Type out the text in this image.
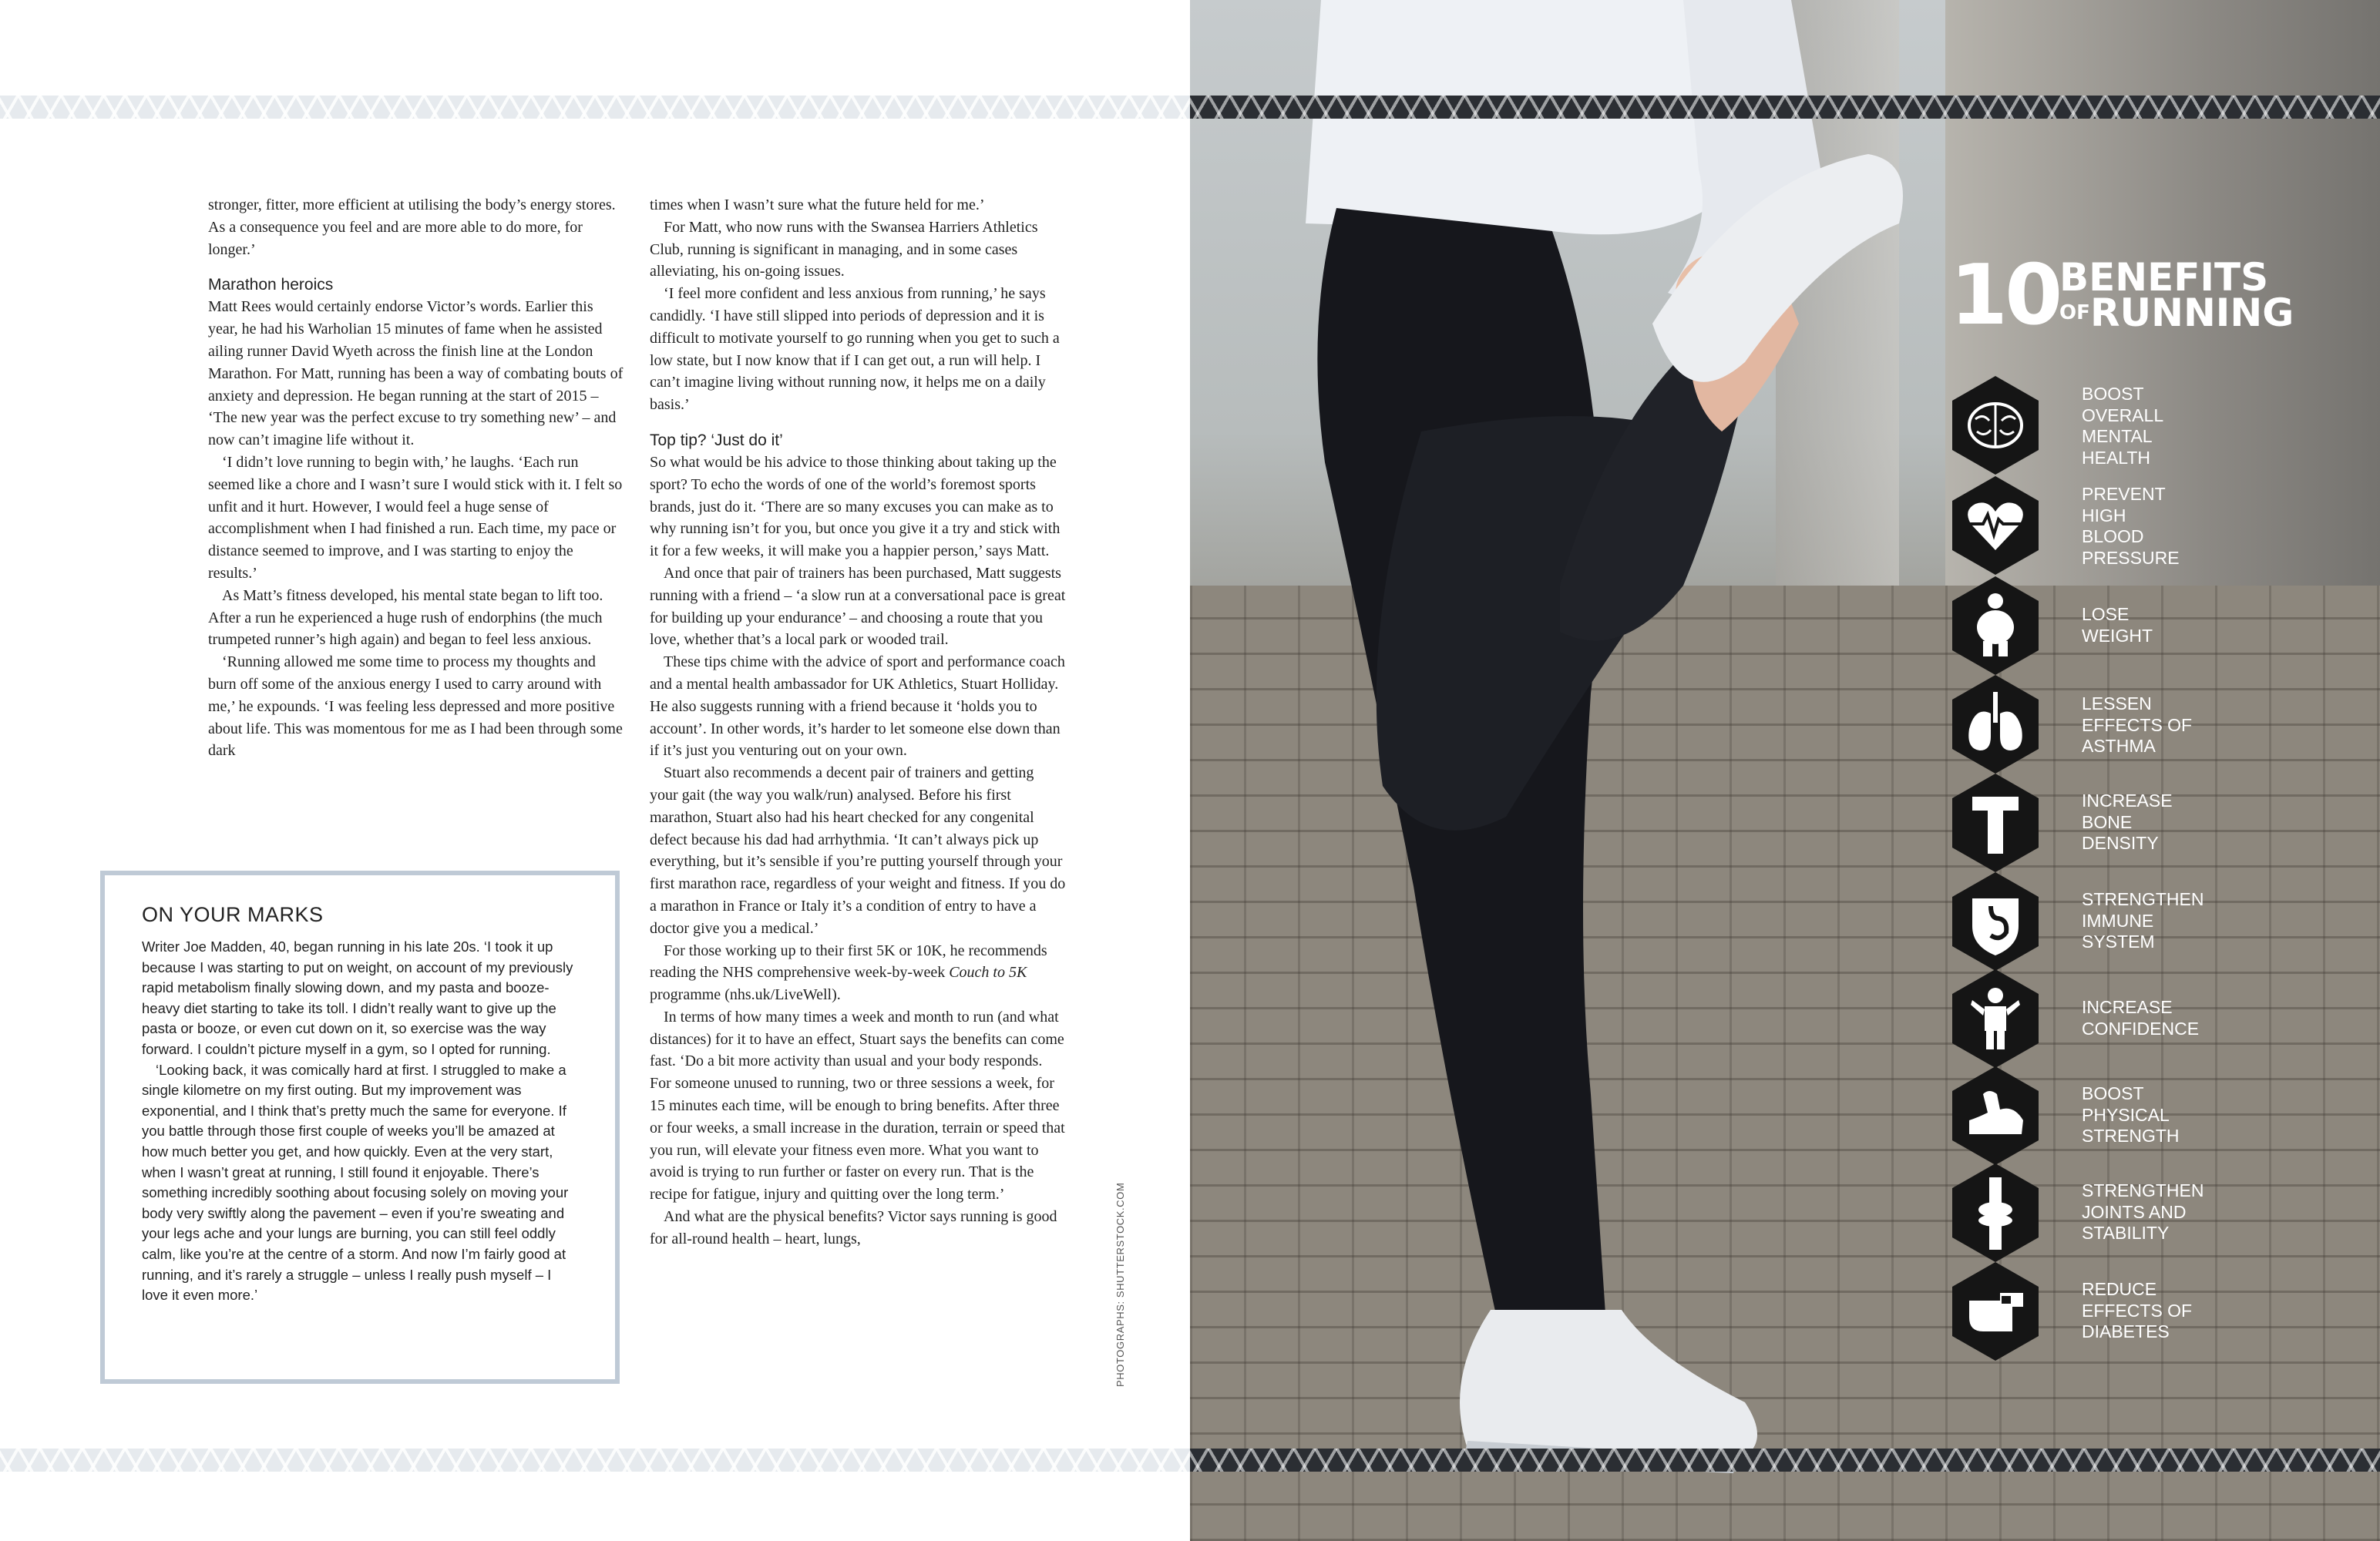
stronger, fitter, more efficient at utilising the body’s energy stores. As a consequence you feel and are more able to do more, for longer.’

Marathon heroics

Matt Rees would certainly endorse Victor’s words. Earlier this year, he had his Warholian 15 minutes of fame when he assisted ailing runner David Wyeth across the finish line at the London Marathon. For Matt, running has been a way of combating bouts of anxiety and depression. He began running at the start of 2015 – ‘The new year was the perfect excuse to try something new’ – and now can’t imagine life without it.

‘I didn’t love running to begin with,’ he laughs. ‘Each run seemed like a chore and I wasn’t sure I would stick with it. I felt so unfit and it hurt. However, I would feel a huge sense of accomplishment when I had finished a run. Each time, my pace or distance seemed to improve, and I was starting to enjoy the results.’

As Matt’s fitness developed, his mental state began to lift too. After a run he experienced a huge rush of endorphins (the much trumpeted runner’s high again) and began to feel less anxious.

‘Running allowed me some time to process my thoughts and burn off some of the anxious energy I used to carry around with me,’ he expounds. ‘I was feeling less depressed and more positive about life. This was momentous for me as I had been through some dark

times when I wasn’t sure what the future held for me.’

For Matt, who now runs with the Swansea Harriers Athletics Club, running is significant in managing, and in some cases alleviating, his on-going issues.

‘I feel more confident and less anxious from running,’ he says candidly. ‘I have still slipped into periods of depression and it is difficult to motivate yourself to go running when you get to such a low state, but I now know that if I can get out, a run will help. I can’t imagine living without running now, it helps me on a daily basis.’

Top tip? ‘Just do it’

So what would be his advice to those thinking about taking up the sport? To echo the words of one of the world’s foremost sports brands, just do it. ‘There are so many excuses you can make as to why running isn’t for you, but once you give it a try and stick with it for a few weeks, it will make you a happier person,’ says Matt.

And once that pair of trainers has been purchased, Matt suggests running with a friend – ‘a slow run at a conversational pace is great for building up your endurance’ – and choosing a route that you love, whether that’s a local park or wooded trail.

These tips chime with the advice of sport and performance coach and a mental health ambassador for UK Athletics, Stuart Holliday. He also suggests running with a friend because it ‘holds you to account’. In other words, it’s harder to let someone else down than if it’s just you venturing out on your own.

Stuart also recommends a decent pair of trainers and getting your gait (the way you walk/run) analysed. Before his first marathon, Stuart also had his heart checked for any congenital defect because his dad had arrhythmia. ‘It can’t always pick up everything, but it’s sensible if you’re putting yourself through your first marathon race, regardless of your weight and fitness. If you do a marathon in France or Italy it’s a condition of entry to have a doctor give you a medical.’

For those working up to their first 5K or 10K, he recommends reading the NHS comprehensive week-by-week Couch to 5K programme (nhs.uk/LiveWell).

In terms of how many times a week and month to run (and what distances) for it to have an effect, Stuart says the benefits can come fast. ‘Do a bit more activity than usual and your body responds. For someone unused to running, two or three sessions a week, for 15 minutes each time, will be enough to bring benefits. After three or four weeks, a small increase in the duration, terrain or speed that you run, will elevate your fitness even more. What you want to avoid is trying to run further or faster on every run. That is the recipe for fatigue, injury and quitting over the long term.’

And what are the physical benefits? Victor says running is good for all-round health – heart, lungs,

ON YOUR MARKS

Writer Joe Madden, 40, began running in his late 20s. ‘I took it up because I was starting to put on weight, on account of my previously rapid metabolism finally slowing down, and my pasta and booze-heavy diet starting to take its toll. I didn’t really want to give up the pasta or booze, or even cut down on it, so exercise was the way forward. I couldn’t picture myself in a gym, so I opted for running.

‘Looking back, it was comically hard at first. I struggled to make a single kilometre on my first outing. But my improvement was exponential, and I think that’s pretty much the same for everyone. If you battle through those first couple of weeks you’ll be amazed at how much better you get, and how quickly. Even at the very start, when I wasn’t great at running, I still found it enjoyable. There’s something incredibly soothing about focusing solely on moving your body very swiftly along the pavement – even if you’re sweating and your legs ache and your lungs are burning, you can still feel oddly calm, like you’re at the centre of a storm. And now I’m fairly good at running, and it’s rarely a struggle – unless I really push myself – I love it even more.’	PHOTOGRAPHS: SHUTTERSTOCK.COM
10 BENEFITS
OF RUNNING
BOOST
OVERALL
MENTAL
HEALTH
PREVENT
HIGH
BLOOD
PRESSURE
LOSE
WEIGHT
LESSEN
EFFECTS OF
ASTHMA
INCREASE
BONE
DENSITY
STRENGTHEN
IMMUNE
SYSTEM
INCREASE
CONFIDENCE
BOOST
PHYSICAL
STRENGTH
STRENGTHEN
JOINTS AND
STABILITY
REDUCE
EFFECTS OF
DIABETES
